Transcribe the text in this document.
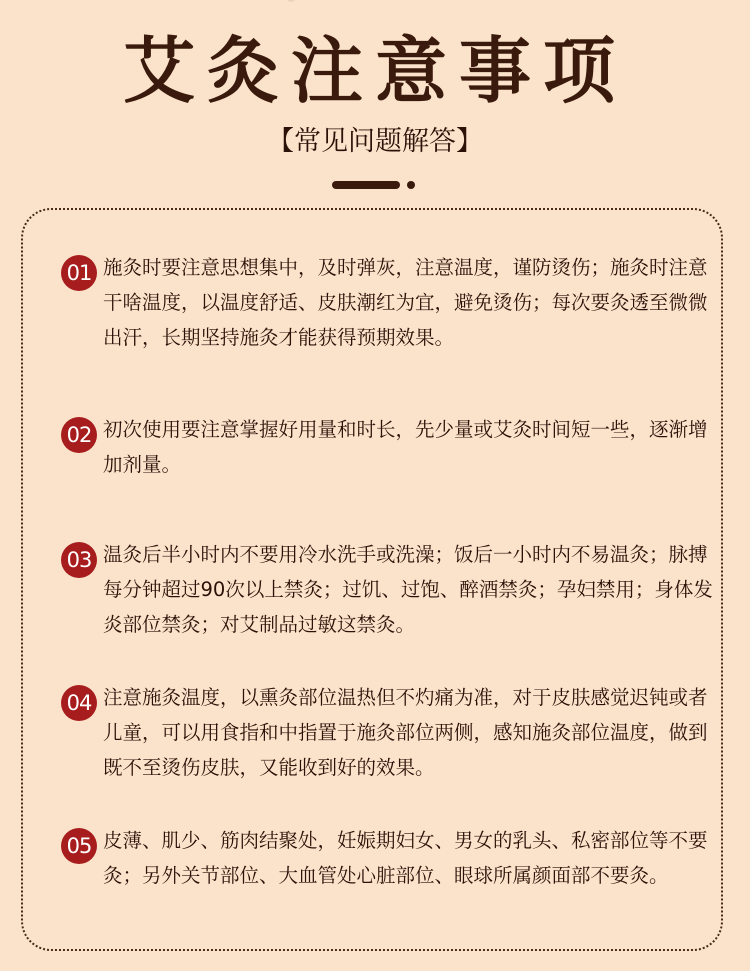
艾灸注意事项
【常见问题解答】
01 施灸时要注意思想集中，及时弹灰，注意温度，谨防烫伤；施灸时注意干啥温度，以温度舒适、皮肤潮红为宜，避免烫伤；每次要灸透至微微出汗，长期坚持施灸才能获得预期效果。
02 初次使用要注意掌握好用量和时长，先少量或艾灸时间短一些，逐渐增加剂量。
03 温灸后半小时内不要用冷水洗手或洗澡；饭后一小时内不易温灸；脉搏每分钟超过90次以上禁灸；过饥、过饱、醉酒禁灸；孕妇禁用；身体发炎部位禁灸；对艾制品过敏这禁灸。
04 注意施灸温度，以熏灸部位温热但不灼痛为准，对于皮肤感觉迟钝或者儿童，可以用食指和中指置于施灸部位两侧，感知施灸部位温度，做到既不至烫伤皮肤，又能收到好的效果。
05 皮薄、肌少、筋肉结聚处，妊娠期妇女、男女的乳头、私密部位等不要灸；另外关节部位、大血管处心脏部位、眼球所属颜面部不要灸。
